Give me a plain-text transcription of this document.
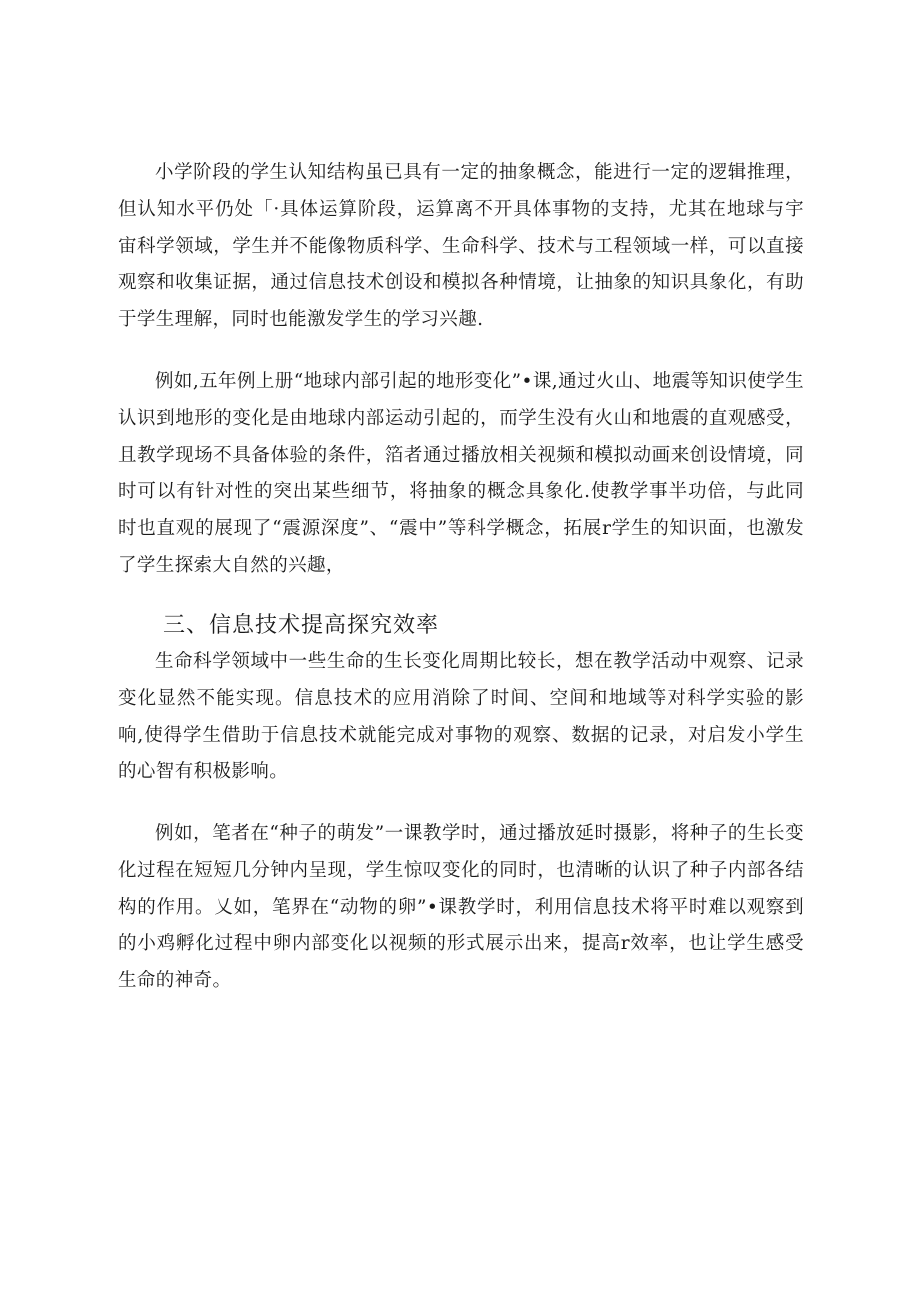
小学阶段的学生认知结构虽已具有一定的抽象概念，能进行一定的逻辑推理，但认知水平仍处「·具体运算阶段，运算离不开具体事物的支持，尤其在地球与宇宙科学领域，学生并不能像物质科学、生命科学、技术与工程领域一样，可以直接观察和收集证据，通过信息技术创设和模拟各种情境，让抽象的知识具象化，有助于学生理解，同时也能激发学生的学习兴趣.

例如,五年例上册“地球内部引起的地形变化”•课,通过火山、地震等知识使学生认识到地形的变化是由地球内部运动引起的，而学生没有火山和地震的直观感受，且教学现场不具备体验的条件，箔者通过播放相关视频和模拟动画来创设情境，同时可以有针对性的突出某些细节，将抽象的概念具象化.使教学事半功倍，与此同时也直观的展现了“震源深度”、“震中”等科学概念，拓展r学生的知识面，也激发了学生探索大自然的兴趣，

三、信息技术提高探究效率

生命科学领域中一些生命的生长变化周期比较长，想在教学活动中观察、记录变化显然不能实现。信息技术的应用消除了时间、空间和地域等对科学实验的影响,使得学生借助于信息技术就能完成对事物的观察、数据的记录，对启发小学生的心智有积极影响。

例如，笔者在“种子的萌发”一课教学时，通过播放延时摄影，将种子的生长变化过程在短短几分钟内呈现，学生惊叹变化的同时，也清晰的认识了种子内部各结构的作用。乂如，笔界在“动物的卵”•课教学时，利用信息技术将平时难以观察到的小鸡孵化过程中卵内部变化以视频的形式展示出来，提高r效率，也让学生感受生命的神奇。
